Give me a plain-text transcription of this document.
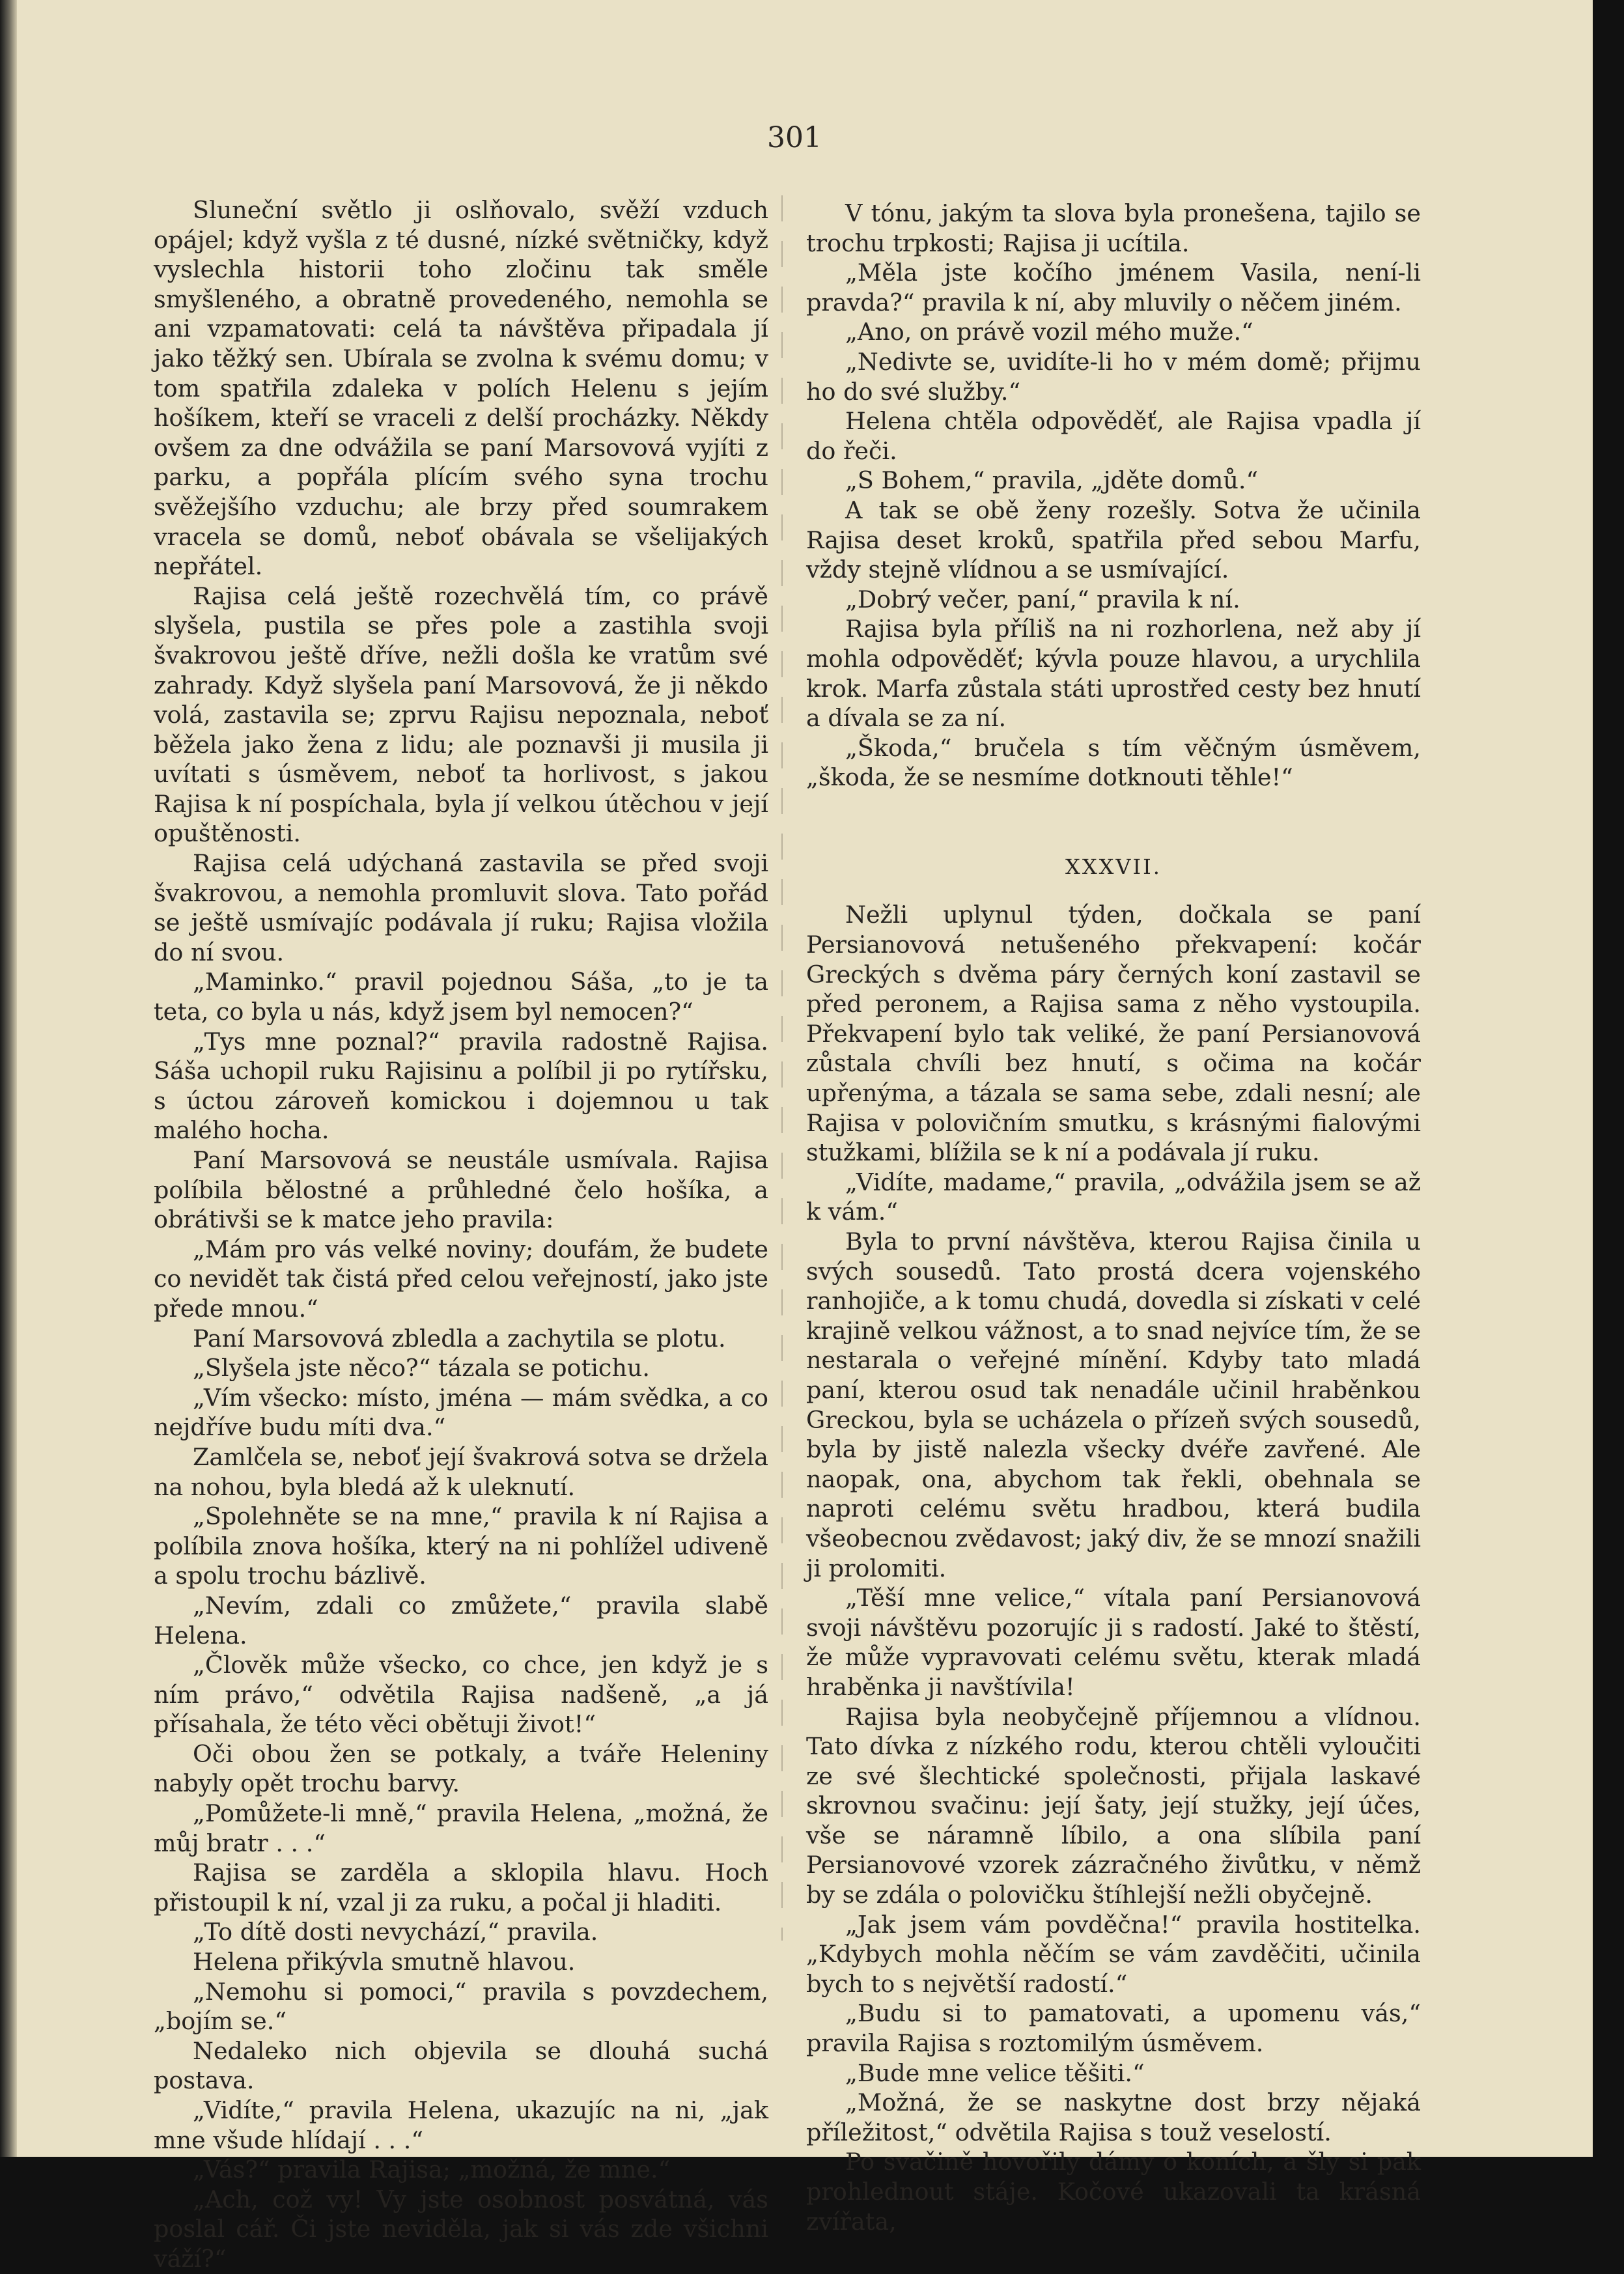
301

Sluneční světlo ji oslňovalo, svěží vzduch opájel; když vyšla z té dusné, nízké světničky, když vyslechla historii toho zločinu tak směle smyšleného, a obratně provedeného, nemohla se ani vzpamatovati: celá ta návštěva připadala jí jako těžký sen. Ubírala se zvolna k svému domu; v tom spatřila zdaleka v polích Helenu s jejím hošíkem, kteří se vraceli z delší procházky. Někdy ovšem za dne odvážila se paní Marsovová vyjíti z parku, a popřála plícím svého syna trochu svěžejšího vzduchu; ale brzy před soumrakem vracela se domů, neboť obávala se všelijakých nepřátel.

Rajisa celá ještě rozechvělá tím, co právě slyšela, pustila se přes pole a zastihla svoji švakrovou ještě dříve, nežli došla ke vratům své zahrady. Když slyšela paní Marsovová, že ji někdo volá, zastavila se; zprvu Rajisu nepoznala, neboť běžela jako žena z lidu; ale poznavši ji musila ji uvítati s úsměvem, neboť ta horlivost, s jakou Rajisa k ní pospíchala, byla jí velkou útěchou v její opuštěnosti.

Rajisa celá udýchaná zastavila se před svoji švakrovou, a nemohla promluvit slova. Tato pořád se ještě usmívajíc podávala jí ruku; Rajisa vložila do ní svou.

„Maminko.“ pravil pojednou Sáša, „to je ta teta, co byla u nás, když jsem byl nemocen?“

„Tys mne poznal?“ pravila radostně Rajisa. Sáša uchopil ruku Rajisinu a políbil ji po rytířsku, s úctou zároveň komickou i dojemnou u tak malého hocha.

Paní Marsovová se neustále usmívala. Rajisa políbila bělostné a průhledné čelo hošíka, a obrátivši se k matce jeho pravila:

„Mám pro vás velké noviny; doufám, že budete co nevidět tak čistá před celou veřejností, jako jste přede mnou.“

Paní Marsovová zbledla a zachytila se plotu.

„Slyšela jste něco?“ tázala se potichu.

„Vím všecko: místo, jména — mám svědka, a co nejdříve budu míti dva.“

Zamlčela se, neboť její švakrová sotva se držela na nohou, byla bledá až k uleknutí.

„Spolehněte se na mne,“ pravila k ní Rajisa a políbila znova hošíka, který na ni pohlížel udiveně a spolu trochu bázlivě.

„Nevím, zdali co zmůžete,“ pravila slabě Helena.

„Člověk může všecko, co chce, jen když je s ním právo,“ odvětila Rajisa nadšeně, „a já přísahala, že této věci obětuji život!“

Oči obou žen se potkaly, a tváře Heleniny nabyly opět trochu barvy.

„Pomůžete-li mně,“ pravila Helena, „možná, že můj bratr . . .“

Rajisa se zarděla a sklopila hlavu. Hoch přistoupil k ní, vzal ji za ruku, a počal ji hladiti.

„To dítě dosti nevychází,“ pravila.

Helena přikývla smutně hlavou.

„Nemohu si pomoci,“ pravila s povzdechem, „bojím se.“

Nedaleko nich objevila se dlouhá suchá postava.

„Vidíte,“ pravila Helena, ukazujíc na ni, „jak mne všude hlídají . . .“

„Vás?“ pravila Rajisa; „možná, že mne.“

„Ach, což vy! Vy jste osobnost posvátná, vás poslal cář. Či jste neviděla, jak si vás zde všichni váží?“

V tónu, jakým ta slova byla pronešena, tajilo se trochu trpkosti; Rajisa ji ucítila.

„Měla jste kočího jménem Vasila, není-li pravda?“ pravila k ní, aby mluvily o něčem jiném.

„Ano, on právě vozil mého muže.“

„Nedivte se, uvidíte-li ho v mém domě; přijmu ho do své služby.“

Helena chtěla odpověděť, ale Rajisa vpadla jí do řeči.

„S Bohem,“ pravila, „jděte domů.“

A tak se obě ženy rozešly. Sotva že učinila Rajisa deset kroků, spatřila před sebou Marfu, vždy stejně vlídnou a se usmívající.

„Dobrý večer, paní,“ pravila k ní.

Rajisa byla příliš na ni rozhorlena, než aby jí mohla odpověděť; kývla pouze hlavou, a urychlila krok. Marfa zůstala státi uprostřed cesty bez hnutí a dívala se za ní.

„Škoda,“ bručela s tím věčným úsměvem, „škoda, že se nesmíme dotknouti těhle!“

XXXVII.

Nežli uplynul týden, dočkala se paní Persianovová netušeného překvapení: kočár Greckých s dvěma páry černých koní zastavil se před peronem, a Rajisa sama z něho vystoupila. Překvapení bylo tak veliké, že paní Persianovová zůstala chvíli bez hnutí, s očima na kočár upřenýma, a tázala se sama sebe, zdali nesní; ale Rajisa v polovičním smutku, s krásnými fialovými stužkami, blížila se k ní a podávala jí ruku.

„Vidíte, madame,“ pravila, „odvážila jsem se až k vám.“

Byla to první návštěva, kterou Rajisa činila u svých sousedů. Tato prostá dcera vojenského ranhojiče, a k tomu chudá, dovedla si získati v celé krajině velkou vážnost, a to snad nejvíce tím, že se nestarala o veřejné mínění. Kdyby tato mladá paní, kterou osud tak nenadále učinil hraběnkou Greckou, byla se ucházela o přízeň svých sousedů, byla by jistě nalezla všecky dvéře zavřené. Ale naopak, ona, abychom tak řekli, obehnala se naproti celému světu hradbou, která budila všeobecnou zvědavost; jaký div, že se mnozí snažili ji prolomiti.

„Těší mne velice,“ vítala paní Persianovová svoji návštěvu pozorujíc ji s radostí. Jaké to štěstí, že může vypravovati celému světu, kterak mladá hraběnka ji navštívila!

Rajisa byla neobyčejně příjemnou a vlídnou. Tato dívka z nízkého rodu, kterou chtěli vyloučiti ze své šlechtické společnosti, přijala laskavé skrovnou svačinu: její šaty, její stužky, její účes, vše se náramně líbilo, a ona slíbila paní Persianovové vzorek zázračného živůtku, v němž by se zdála o polovičku štíhlejší nežli obyčejně.

„Jak jsem vám povděčna!“ pravila hostitelka. „Kdybych mohla něčím se vám zavděčiti, učinila bych to s největší radostí.“

„Budu si to pamatovati, a upomenu vás,“ pravila Rajisa s roztomilým úsměvem.

„Bude mne velice těšiti.“

„Možná, že se naskytne dost brzy nějaká příležitost,“ odvětila Rajisa s touž veselostí.

Po svačině hovořily dámy o koních, a šly si pak prohlednout stáje. Kočové ukazovali ta krásná zvířata,
